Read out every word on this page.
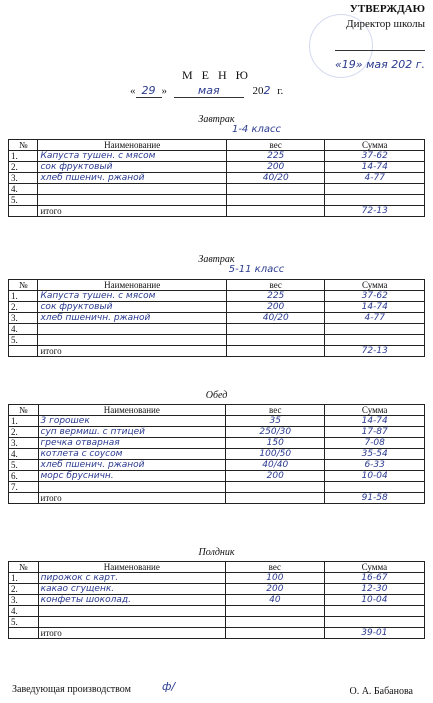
УТВЕРЖДАЮ
Директор школы
«19» мая 202 г.
М Е Н Ю
« 29 »	мая	202 г.
Завтрак
1-4 класс
№	Наименование	вес	Сумма
1.	Капуста тушен. с мясом	225	37-62
2.	сок фруктовый	200	14-74
3.	хлеб пшенич. ржаной	40/20	4-77
4.			
5.			
	итого		72-13
Завтрак
5-11 класс
№	Наименование	вес	Сумма
1.	Капуста тушен. с мясом	225	37-62
2.	сок фруктовый	200	14-74
3.	хлеб пшеничн. ржаной	40/20	4-77
4.			
5.			
	итого		72-13
Обед
№	Наименование	вес	Сумма
1.	3 горошек	35	14-74
2.	суп вермиш. с птицей	250/30	17-87
3.	гречка отварная	150	7-08
4.	котлета с соусом	100/50	35-54
5.	хлеб пшенич. ржаной	40/40	6-33
6.	морс брусничн.	200	10-04
7.			
	итого		91-58
Полдник
№	Наименование	вес	Сумма
1.	пирожок с карт.	100	16-67
2.	какао сгущенк.	200	12-30
3.	конфеты шоколад.	40	10-04
4.			
5.			
	итого		39-01
Заведующая производством	ф/	О. А. Бабанова
